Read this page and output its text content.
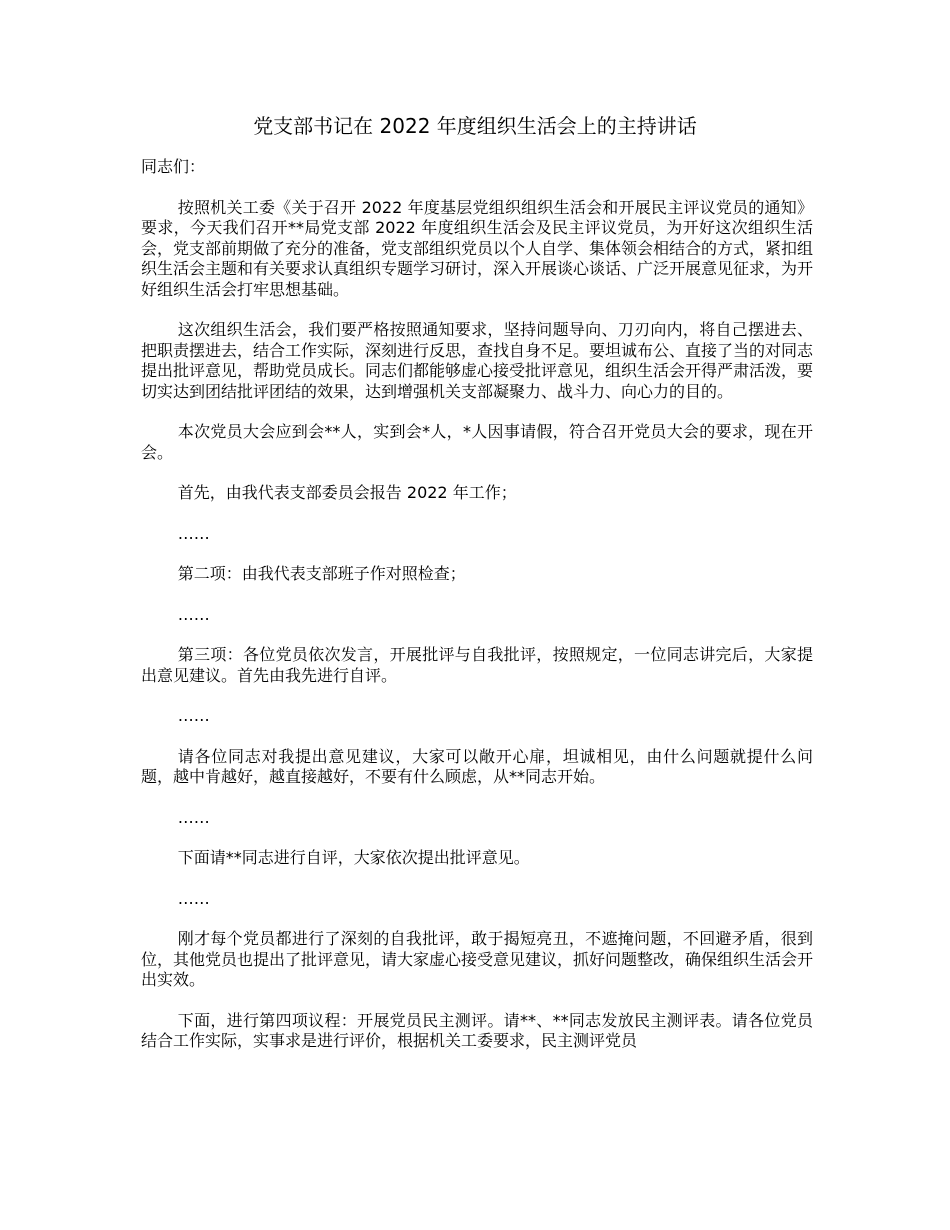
党支部书记在 2022 年度组织生活会上的主持讲话

同志们：

按照机关工委《关于召开 2022 年度基层党组织组织生活会和开展民主评议党员的通知》要求，今天我们召开**局党支部 2022 年度组织生活会及民主评议党员，为开好这次组织生活会，党支部前期做了充分的准备，党支部组织党员以个人自学、集体领会相结合的方式，紧扣组织生活会主题和有关要求认真组织专题学习研讨，深入开展谈心谈话、广泛开展意见征求，为开好组织生活会打牢思想基础。

这次组织生活会，我们要严格按照通知要求，坚持问题导向、刀刃向内，将自己摆进去、把职责摆进去，结合工作实际，深刻进行反思，查找自身不足。要坦诚布公、直接了当的对同志提出批评意见，帮助党员成长。同志们都能够虚心接受批评意见，组织生活会开得严肃活泼，要切实达到团结批评团结的效果，达到增强机关支部凝聚力、战斗力、向心力的目的。

本次党员大会应到会**人，实到会*人，*人因事请假，符合召开党员大会的要求，现在开会。

首先，由我代表支部委员会报告 2022 年工作；

……

第二项：由我代表支部班子作对照检查；

……

第三项：各位党员依次发言，开展批评与自我批评，按照规定，一位同志讲完后，大家提出意见建议。首先由我先进行自评。

……

请各位同志对我提出意见建议，大家可以敞开心扉，坦诚相见，由什么问题就提什么问题，越中肯越好，越直接越好，不要有什么顾虑，从**同志开始。

……

下面请**同志进行自评，大家依次提出批评意见。

……

刚才每个党员都进行了深刻的自我批评，敢于揭短亮丑，不遮掩问题，不回避矛盾，很到位，其他党员也提出了批评意见，请大家虚心接受意见建议，抓好问题整改，确保组织生活会开出实效。

下面，进行第四项议程：开展党员民主测评。请**、**同志发放民主测评表。请各位党员结合工作实际，实事求是进行评价，根据机关工委要求，民主测评党员
